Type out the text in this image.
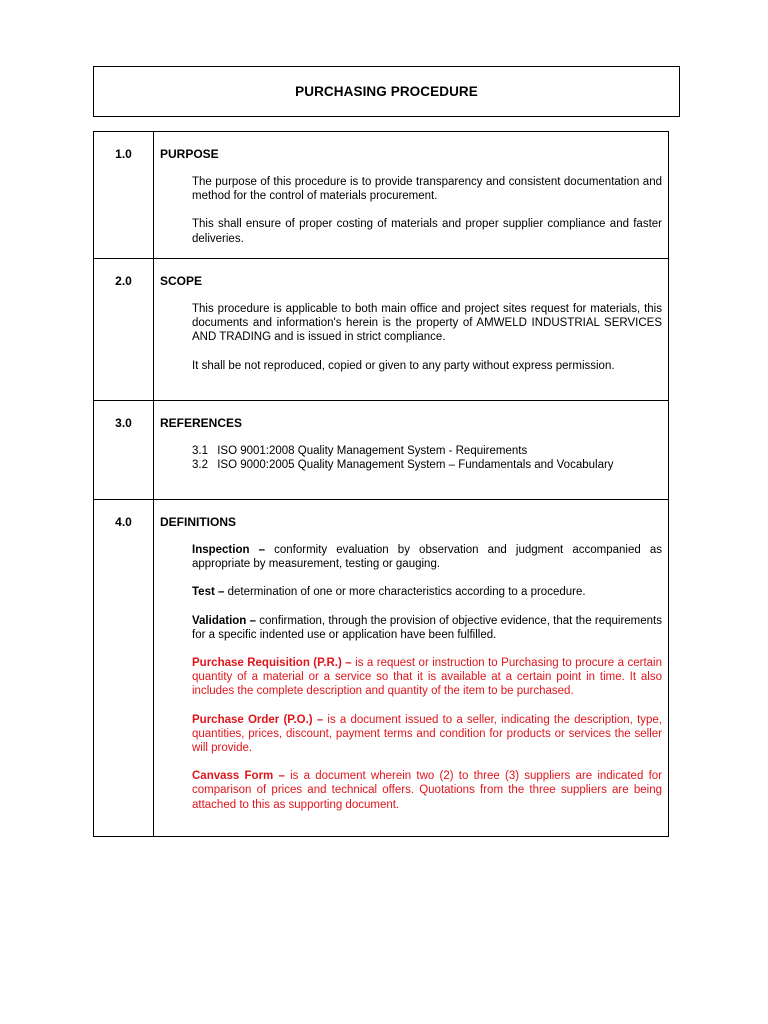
PURCHASING PROCEDURE
1.0	PURPOSE

The purpose of this procedure is to provide transparency and consistent documentation and method for the control of materials procurement.

This shall ensure of proper costing of materials and proper supplier compliance and faster deliveries.

2.0	SCOPE

This procedure is applicable to both main office and project sites request for materials, this documents and information's herein is the property of AMWELD INDUSTRIAL SERVICES AND TRADING and is issued in strict compliance.

It shall be not reproduced, copied or given to any party without express permission.

3.0	REFERENCES

3.1 ISO 9001:2008 Quality Management System - Requirements

3.2 ISO 9000:2005 Quality Management System – Fundamentals and Vocabulary

4.0	DEFINITIONS

Inspection – conformity evaluation by observation and judgment accompanied as appropriate by measurement, testing or gauging.

Test – determination of one or more characteristics according to a procedure.

Validation – confirmation, through the provision of objective evidence, that the requirements for a specific indented use or application have been fulfilled.

Purchase Requisition (P.R.) – is a request or instruction to Purchasing to procure a certain quantity of a material or a service so that it is available at a certain point in time. It also includes the complete description and quantity of the item to be purchased.

Purchase Order (P.O.) – is a document issued to a seller, indicating the description, type, quantities, prices, discount, payment terms and condition for products or services the seller will provide.

Canvass Form – is a document wherein two (2) to three (3) suppliers are indicated for comparison of prices and technical offers. Quotations from the three suppliers are being attached to this as supporting document.
